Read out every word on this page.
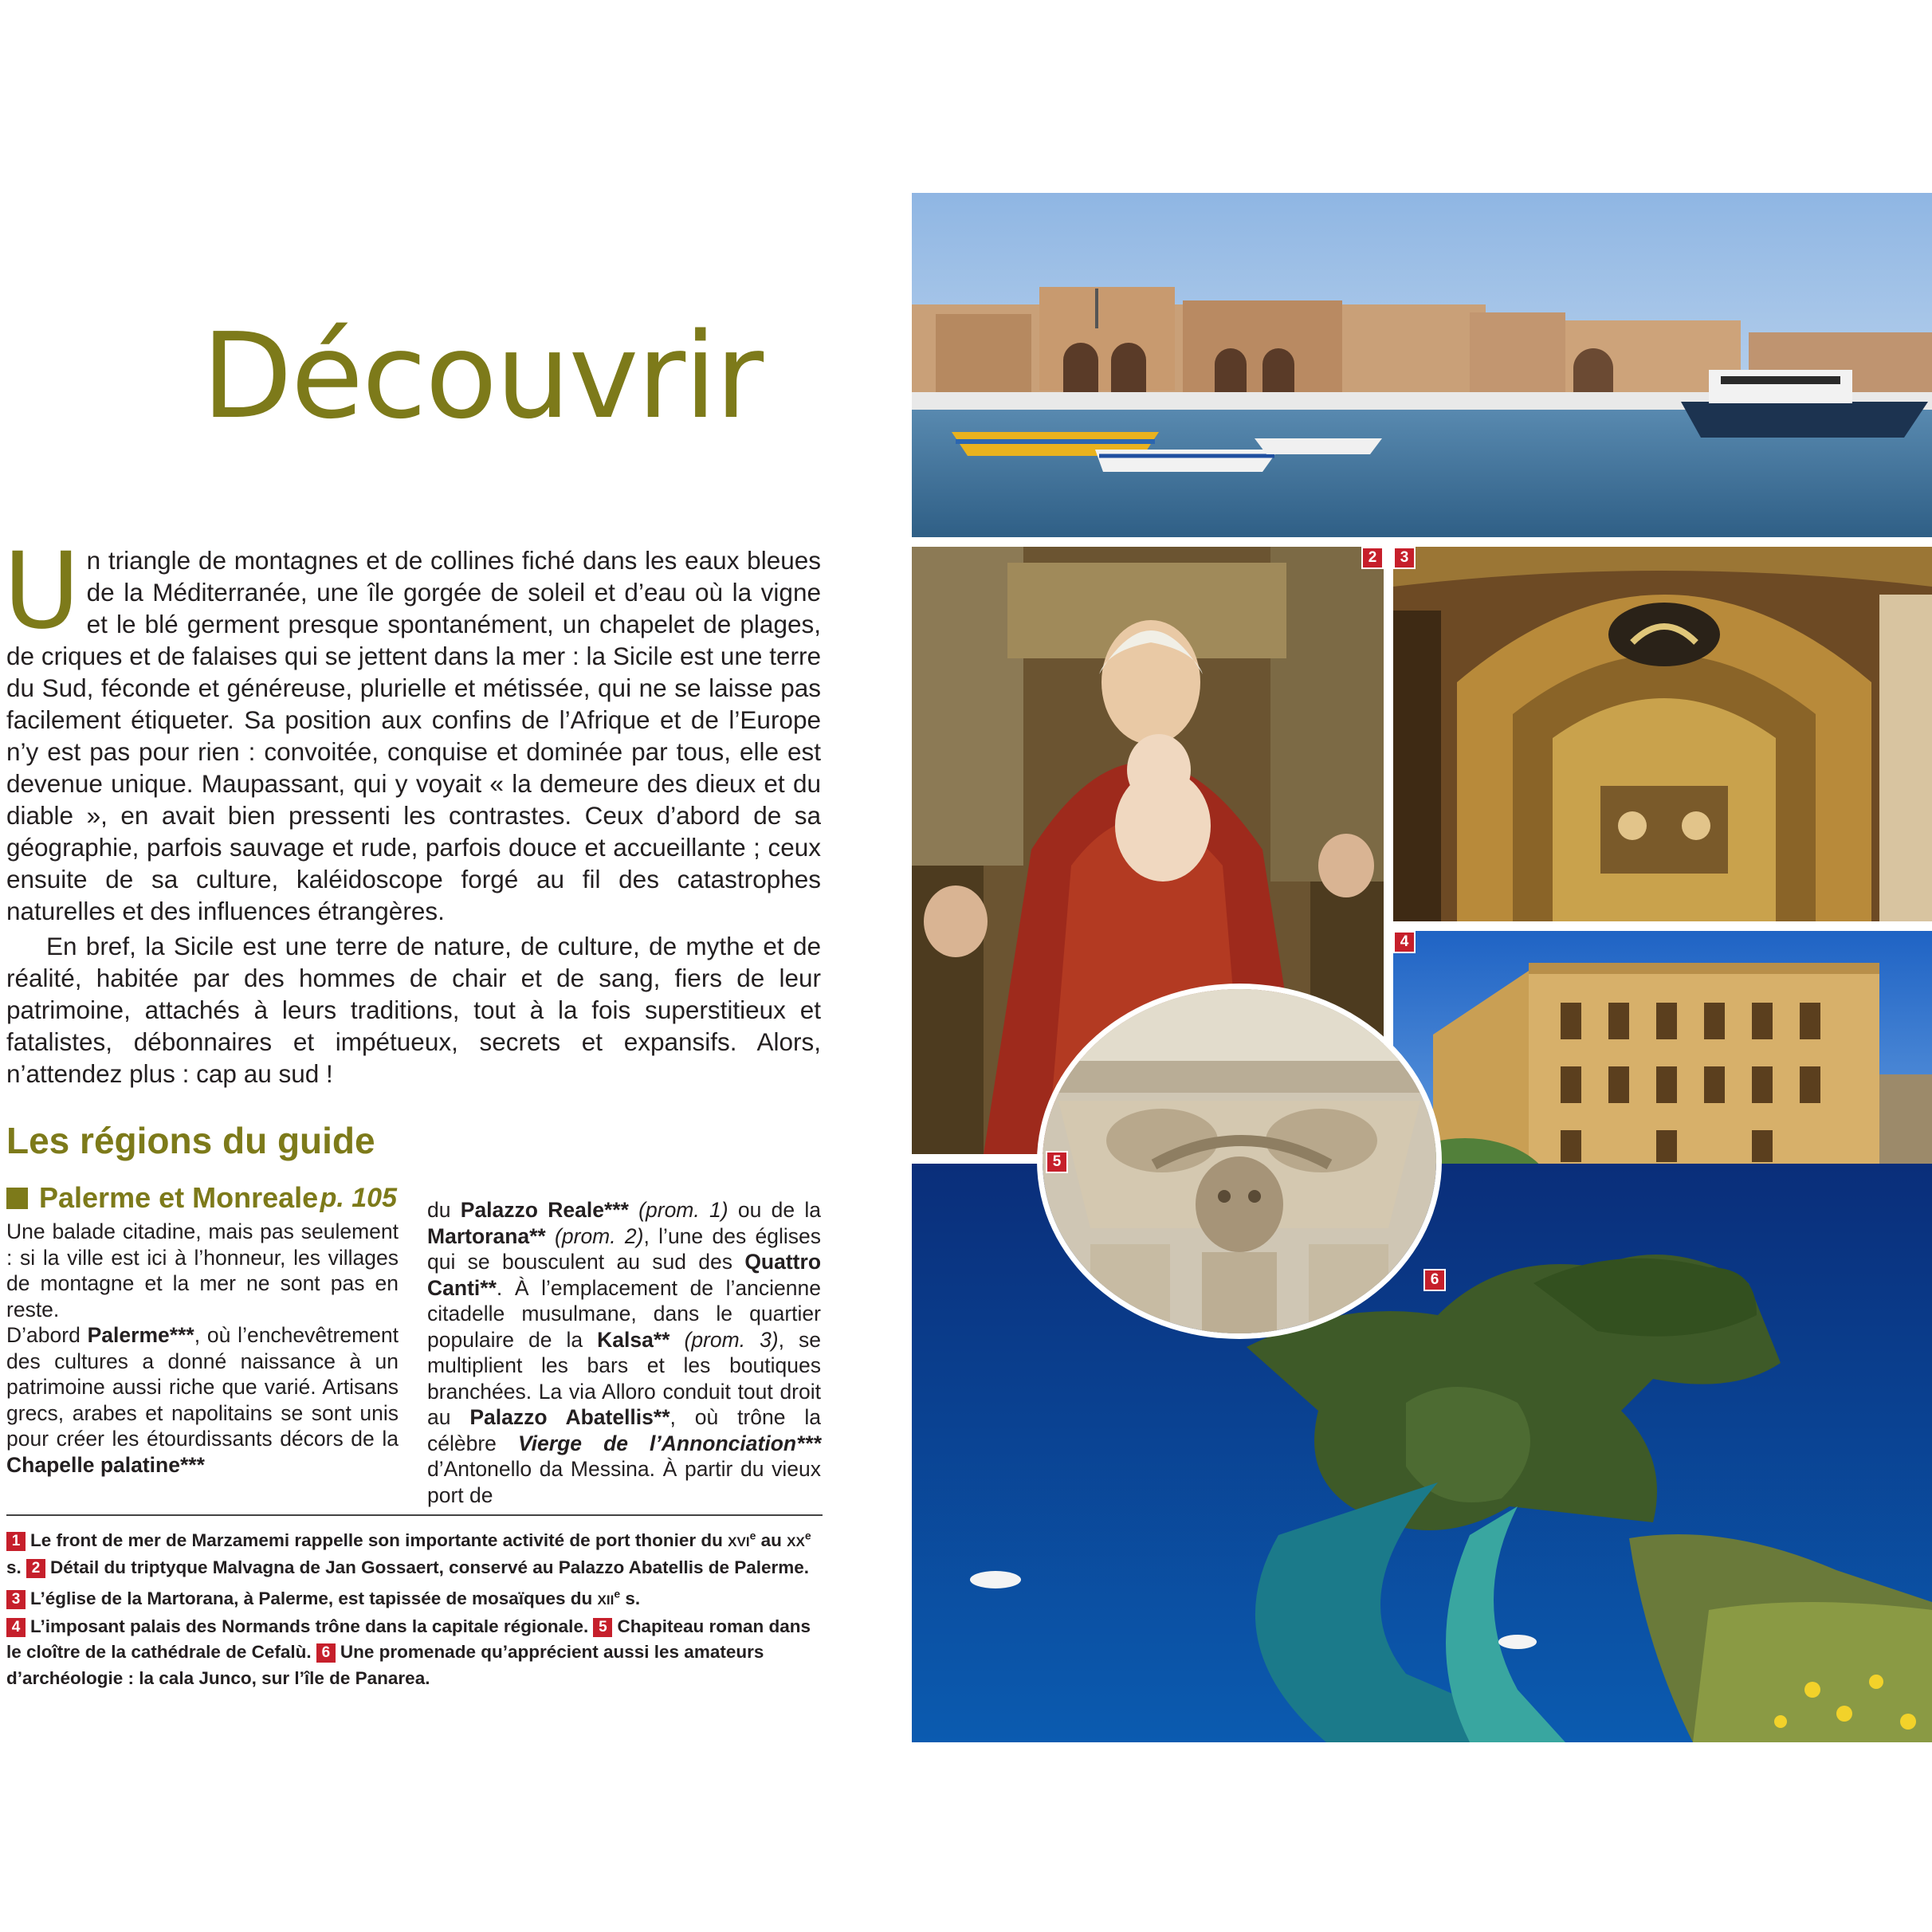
Découvrir

Un triangle de montagnes et de collines fiché dans les eaux bleues de la Méditerranée, une île gorgée de soleil et d’eau où la vigne et le blé germent presque spontanément, un chapelet de plages, de criques et de falaises qui se jettent dans la mer : la Sicile est une terre du Sud, féconde et généreuse, plurielle et métissée, qui ne se laisse pas facilement étiqueter. Sa position aux confins de l’Afrique et de l’Europe n’y est pas pour rien : convoitée, conquise et dominée par tous, elle est devenue unique. Maupassant, qui y voyait « la demeure des dieux et du diable », en avait bien pressenti les contrastes. Ceux d’abord de sa géographie, parfois sauvage et rude, parfois douce et accueillante ; ceux ensuite de sa culture, kaléidoscope forgé au fil des catastrophes naturelles et des influences étrangères.

En bref, la Sicile est une terre de nature, de culture, de mythe et de réalité, habitée par des hommes de chair et de sang, fiers de leur patrimoine, attachés à leurs traditions, tout à la fois superstitieux et fatalistes, débonnaires et impétueux, secrets et expansifs. Alors, n’attendez plus : cap au sud !

Les régions du guide
Palerme et Monreale p. 105

Une balade citadine, mais pas seulement : si la ville est ici à l’honneur, les villages de montagne et la mer ne sont pas en reste.

D’abord Palerme***, où l’enchevêtrement des cultures a donné naissance à un patrimoine aussi riche que varié. Artisans grecs, arabes et napolitains se sont unis pour créer les étourdissants décors de la Chapelle palatine***

du Palazzo Reale*** (prom. 1) ou de la Martorana** (prom. 2), l’une des églises qui se bousculent au sud des Quattro Canti**. À l’emplacement de l’ancienne citadelle musulmane, dans le quartier populaire de la Kalsa** (prom. 3), se multiplient les bars et les boutiques branchées. La via Alloro conduit tout droit au Palazzo Abatellis**, où trône la célèbre Vierge de l’Annonciation*** d’Antonello da Messina. À partir du vieux port de

1 Le front de mer de Marzamemi rappelle son importante activité de port thonier du XVIe au XXe s. 2 Détail du triptyque Malvagna de Jan Gossaert, conservé au Palazzo Abatellis de Palerme. 3 L’église de la Martorana, à Palerme, est tapissée de mosaïques du XIIe s.
4 L’imposant palais des Normands trône dans la capitale régionale. 5 Chapiteau roman dans le cloître de la cathédrale de Cefalù. 6 Une promenade qu’apprécient aussi les amateurs d’archéologie : la cala Junco, sur l’île de Panarea.
2	3
4
6
5
